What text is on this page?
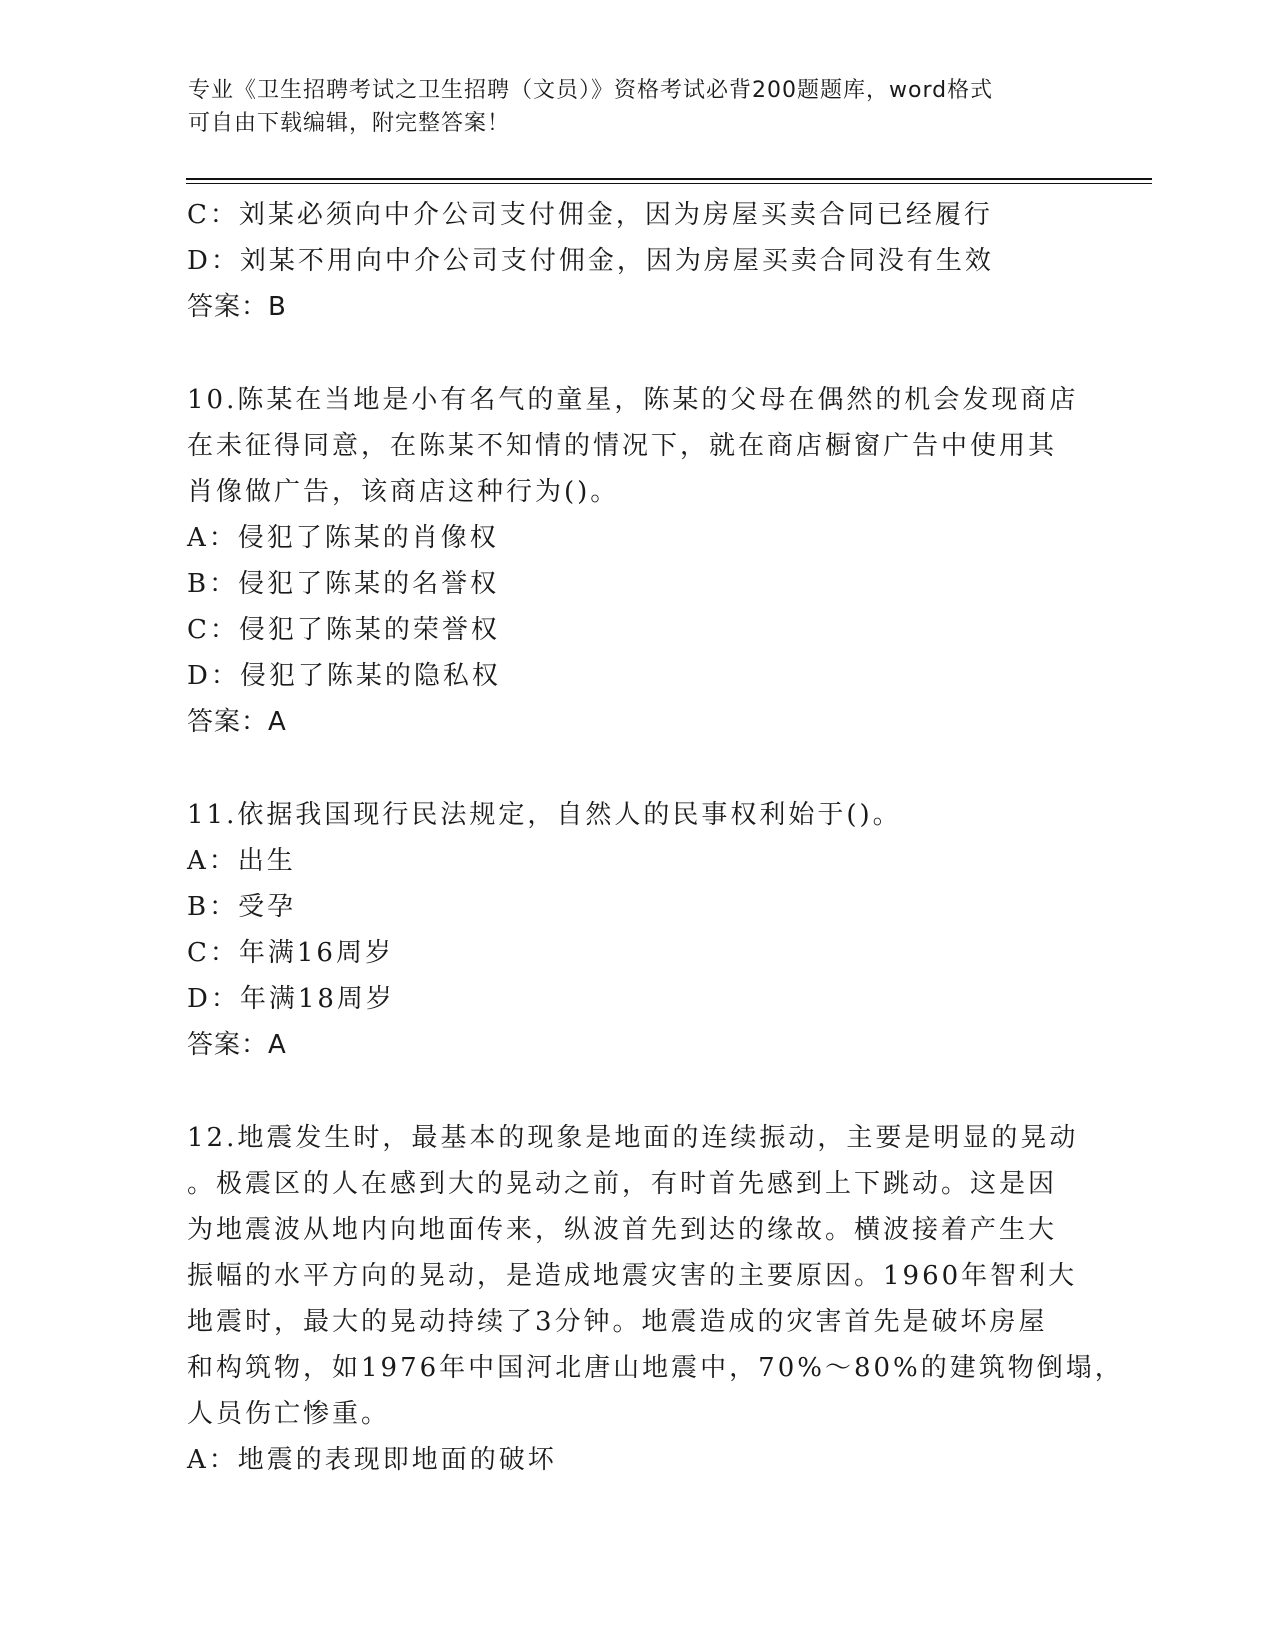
专业《卫生招聘考试之卫生招聘（文员）》资格考试必背200题题库，word格式
可自由下载编辑，附完整答案！
C：刘某必须向中介公司支付佣金，因为房屋买卖合同已经履行
D：刘某不用向中介公司支付佣金，因为房屋买卖合同没有生效
答案：B
10.陈某在当地是小有名气的童星，陈某的父母在偶然的机会发现商店
在未征得同意，在陈某不知情的情况下，就在商店橱窗广告中使用其
肖像做广告，该商店这种行为()。
A：侵犯了陈某的肖像权
B：侵犯了陈某的名誉权
C：侵犯了陈某的荣誉权
D：侵犯了陈某的隐私权
答案：A
11.依据我国现行民法规定，自然人的民事权利始于()。
A：出生
B：受孕
C：年满16周岁
D：年满18周岁
答案：A
12.地震发生时，最基本的现象是地面的连续振动，主要是明显的晃动
。极震区的人在感到大的晃动之前，有时首先感到上下跳动。这是因
为地震波从地内向地面传来，纵波首先到达的缘故。横波接着产生大
振幅的水平方向的晃动，是造成地震灾害的主要原因。1960年智利大
地震时，最大的晃动持续了3分钟。地震造成的灾害首先是破坏房屋
和构筑物，如1976年中国河北唐山地震中，70%～80%的建筑物倒塌，
人员伤亡惨重。
A：地震的表现即地面的破坏
